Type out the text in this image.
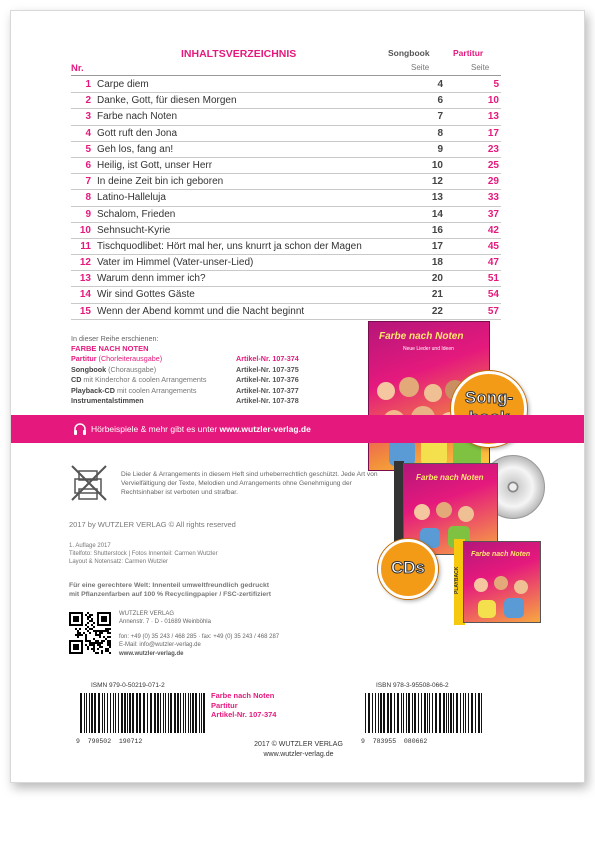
INHALTSVERZEICHNIS	Songbook	Partitur
Nr.	Seite	Seite
1 Carpe diem	4	5
2 Danke, Gott, für diesen Morgen	6	10
3 Farbe nach Noten	7	13
4 Gott ruft den Jona	8	17
5 Geh los, fang an!	9	23
6 Heilig, ist Gott, unser Herr	10	25
7 In deine Zeit bin ich geboren	12	29
8 Latino-Halleluja	13	33
9 Schalom, Frieden	14	37
10 Sehnsucht-Kyrie	16	42
11 Tischquodlibet: Hört mal her, uns knurrt ja schon der Magen	17	45
12 Vater im Himmel (Vater-unser-Lied)	18	47
13 Warum denn immer ich?	20	51
14 Wir sind Gottes Gäste	21	54
15 Wenn der Abend kommt und die Nacht beginnt	22	57
In dieser Reihe erschienen:
FARBE NACH NOTEN
Partitur (Chorleiterausgabe)	Artikel-Nr. 107-374
Songbook (Chorausgabe)	Artikel-Nr. 107-375
CD mit Kinderchor & coolen Arrangements	Artikel-Nr. 107-376
Playback-CD mit coolen Arrangements	Artikel-Nr. 107-377
Instrumentalstimmen	Artikel-Nr. 107-378
Farbe nach Noten
Neue Lieder und Ideen
Song-
Hörbeispiele & mehr gibt es unter www.wutzler-verlag.de
Farbe nach Noten
Farbe nach Noten
PLAYBACK
CDs
Die Lieder & Arrangements in diesem Heft sind urheberrechtlich geschützt. Jede Art von Vervielfältigung der Texte, Melodien und Arrangements ohne Genehmigung der Rechtsinhaber ist verboten und strafbar.
2017 by WUTZLER VERLAG © All rights reserved
1. Auflage 2017
Titelfoto: Shutterstock | Fotos Innenteil: Carmen Wutzler
Layout & Notensatz: Carmen Wutzler
Für eine gerechtere Welt: Innenteil umweltfreundlich gedruckt
mit Pflanzenfarben auf 100 % Recyclingpapier / FSC-zertifiziert
WUTZLER VERLAG
Annenstr. 7 · D - 01689 Weinböhla
fon: +49 (0) 35 243 / 468 285 · fax: +49 (0) 35 243 / 468 287
E-Mail: info@wutzler-verlag.de
www.wutzler-verlag.de
ISMN 979-0-50219-071-2	ISBN 978-3-95508-066-2
9  790502  190712	9  783955  080662
Farbe nach Noten
Partitur
Artikel-Nr. 107-374
2017 © WUTZLER VERLAG
www.wutzler-verlag.de
